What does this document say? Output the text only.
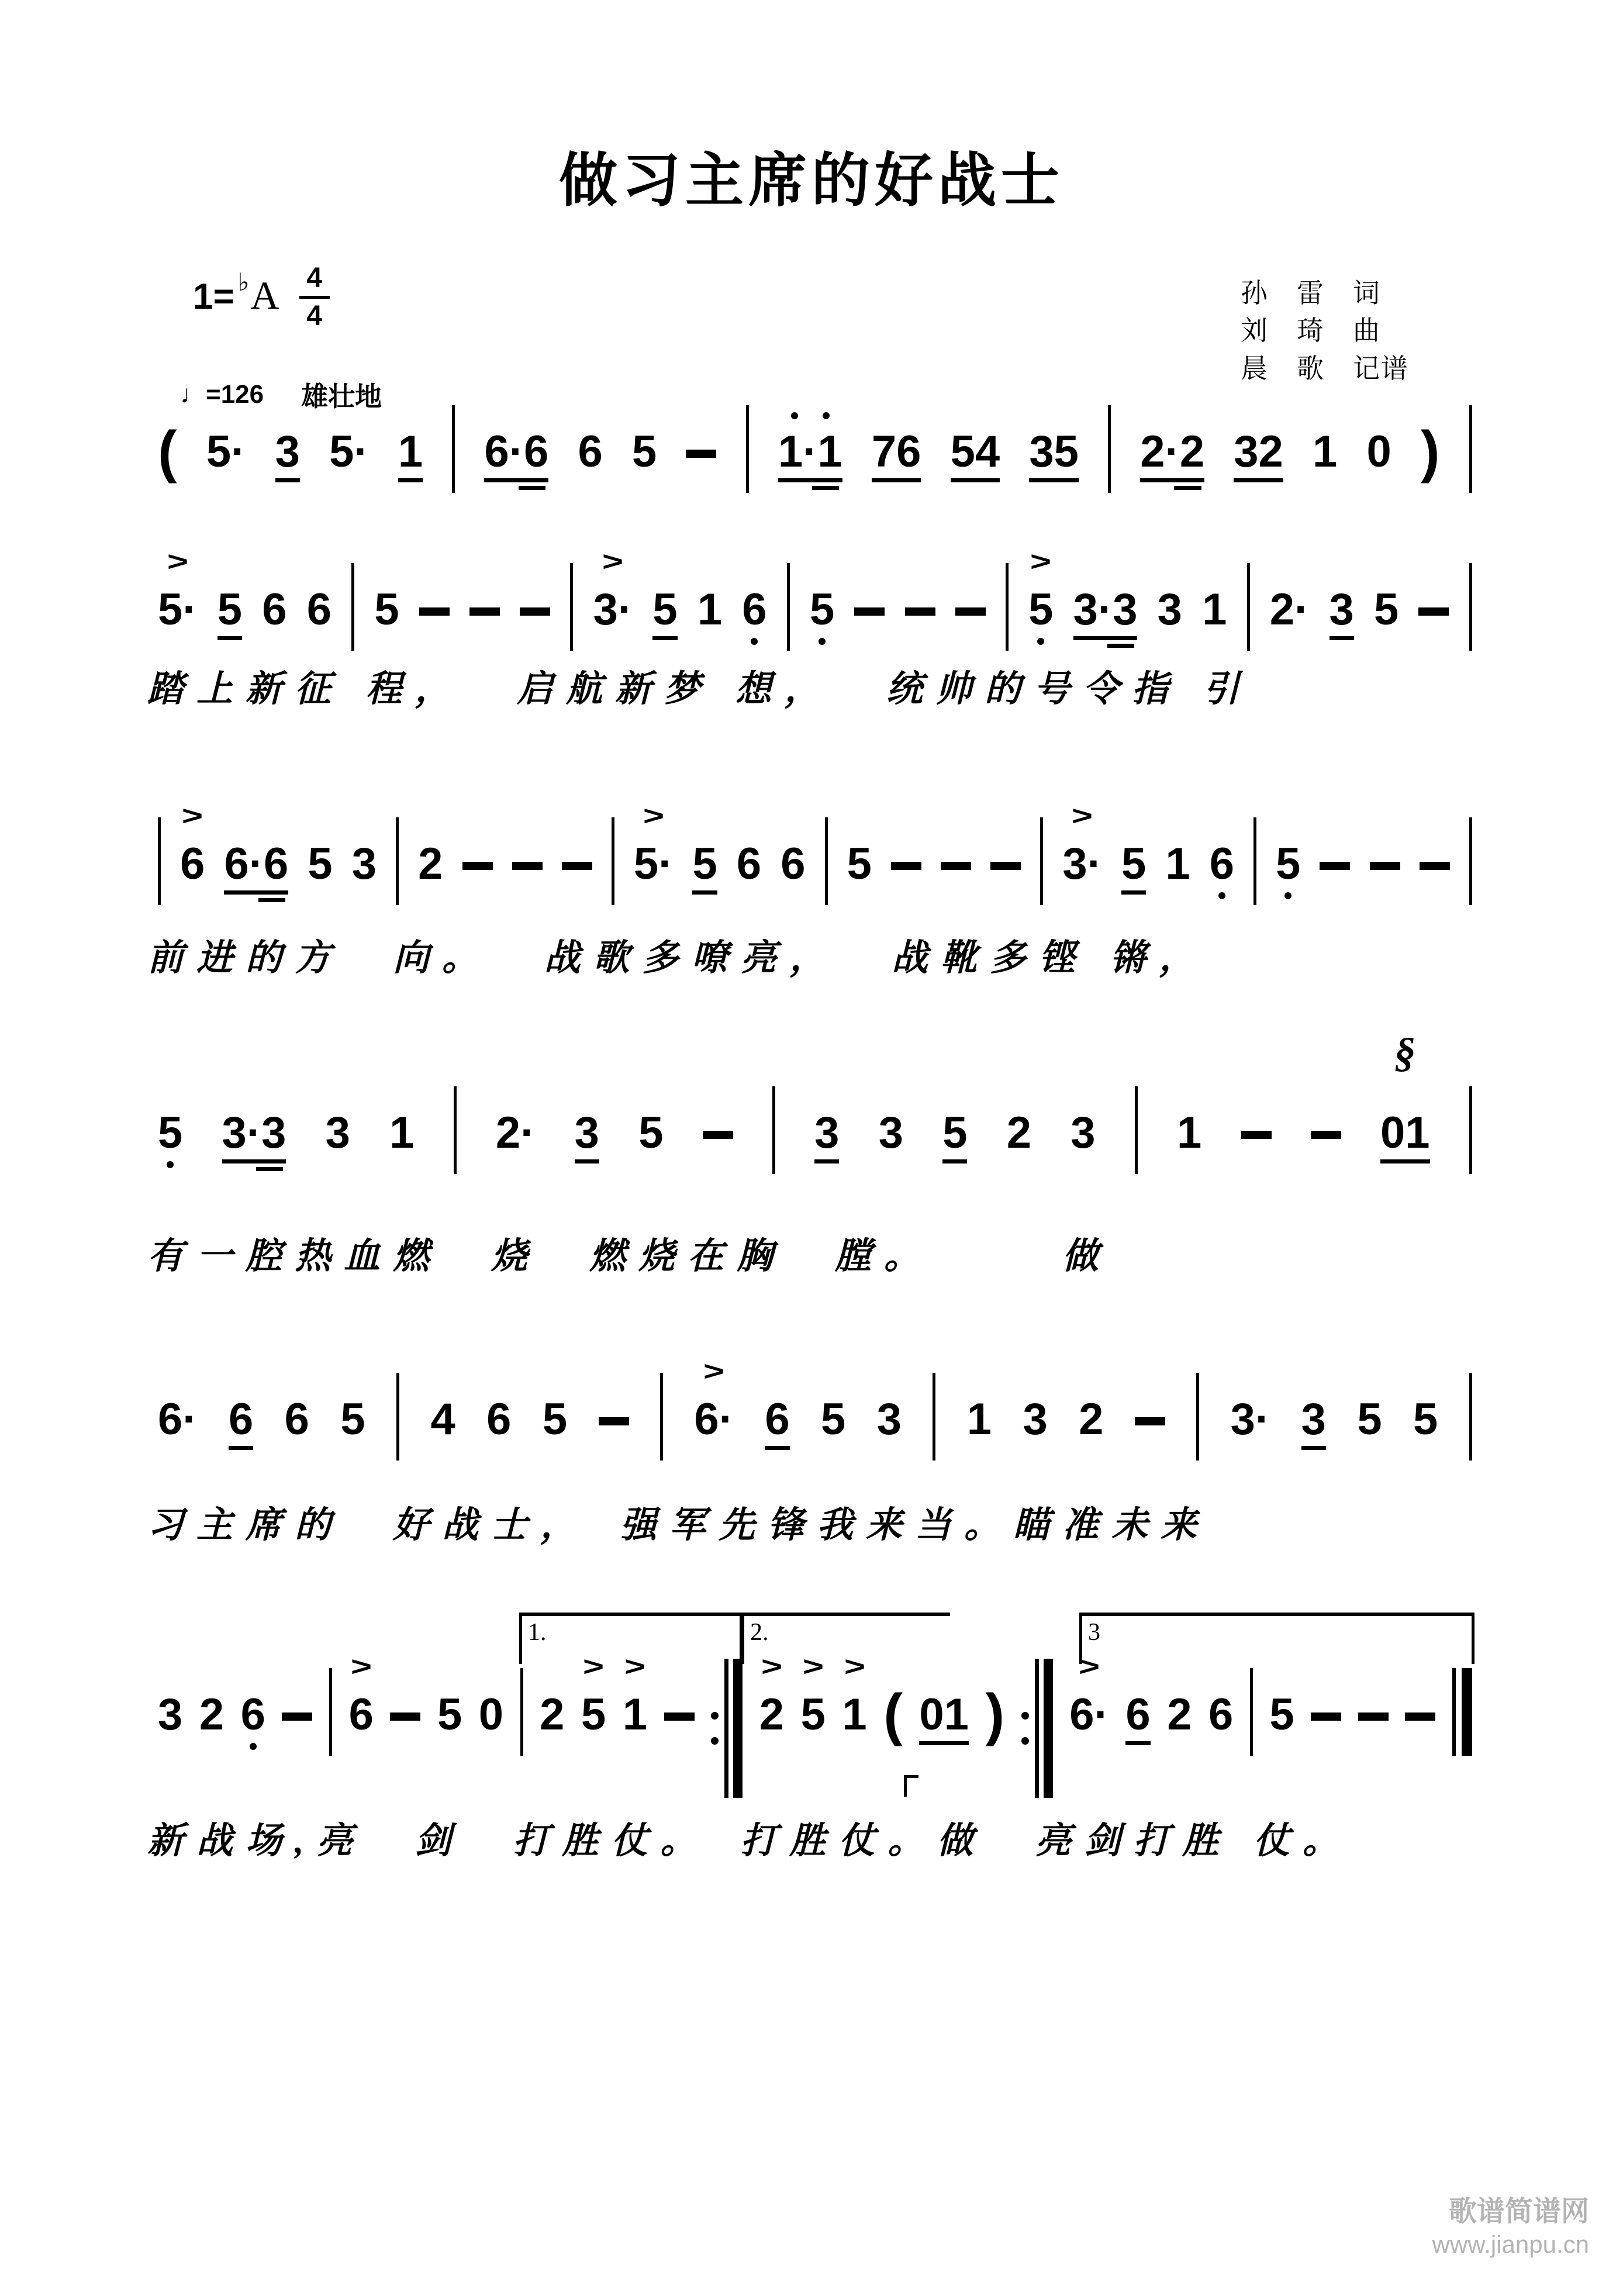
做习主席的好战士
1= ♭ A 4
4
孙　雷　词
刘　琦　曲
晨　歌　记谱
♩=126 雄壮地
( 5· 3 5· 1 6·6 6 5	1·1 76 54 35 2·2 32 1 0 )
>
5· 5 6 6 5
>
3· 5 1 6 5
>
5 3·3 3 1 2· 3 5
>
6 6·6 5 3 2
>
5· 5 6 6 5
>
3· 5 1 6 5
5 3·3 3 1 2· 3 5	3 3 5 2 3 1
§
01
6· 6 6 5 4 6 5
>
6· 6 5 3 1 3 2	3· 3 5 5
3 2 6
>
6 5 0 2
>
5
>
1
>
2
>
5
>
1 ( 01 )
>
6· 6 2 6 5
1.	2.	3
踏上新征 程，　 启航新梦 想，　 统帅的号令指 引
前进的方　向。　 战歌多嘹亮，　 战靴多铿 锵，
有一腔热血燃　烧　燃烧在胸　膛。　　　做
习主席的　好战士，　强军先锋我来当。瞄准未来
新战场,亮　剑　打胜仗。　打胜仗。做　亮剑打胜 仗。
歌谱简谱网
www.jianpu.cn
